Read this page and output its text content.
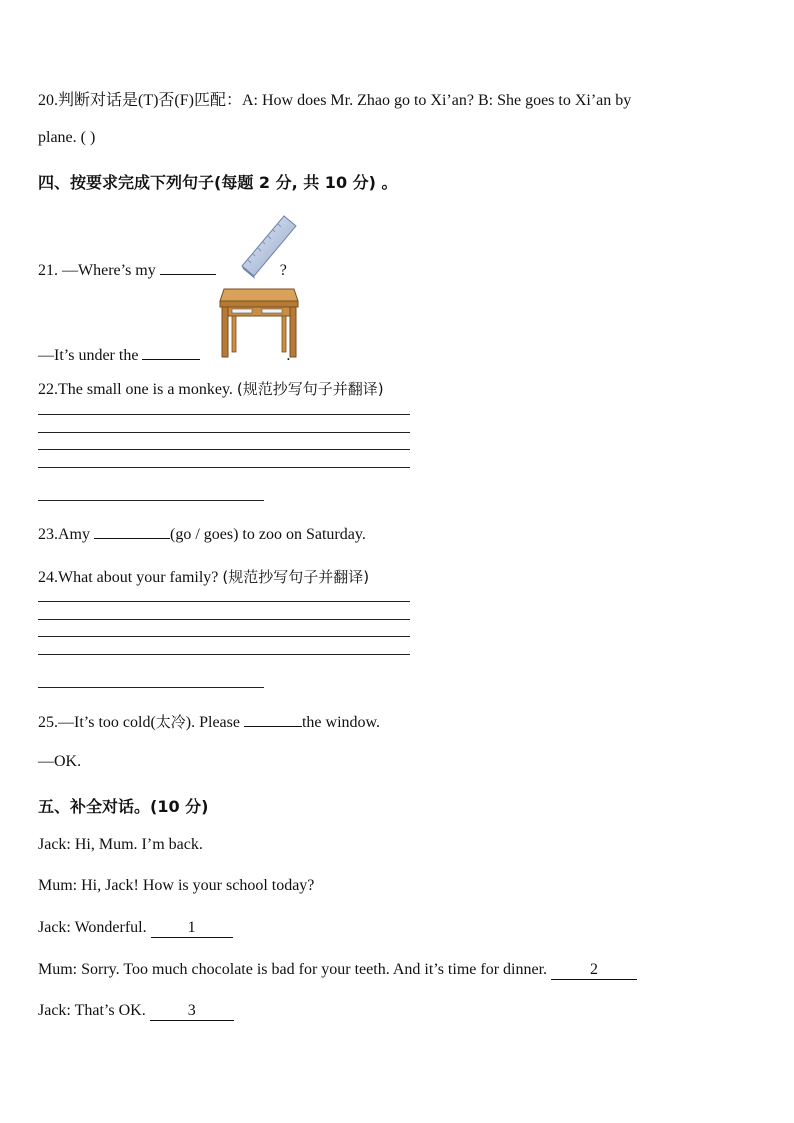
20.判断对话是(T)否(F)匹配：A: How does Mr. Zhao go to Xi’an? B: She goes to Xi’an by
plane. ( )
四、按要求完成下列句子(每题 2 分, 共 10 分) 。
21. —Where’s my	?
—It’s under the	.
22.The small one is a monkey. (规范抄写句子并翻译)
23.Amy	(go / goes) to zoo on Saturday.
24.What about your family? (规范抄写句子并翻译)
25.—It’s too cold(太冷). Please	the window.
—OK.
五、补全对话。(10 分)
Jack: Hi, Mum. I’m back.
Mum: Hi, Jack! How is your school today?
Jack: Wonderful.	1
Mum: Sorry. Too much chocolate is bad for your teeth. And it’s time for dinner.	2
Jack: That’s OK.	3
